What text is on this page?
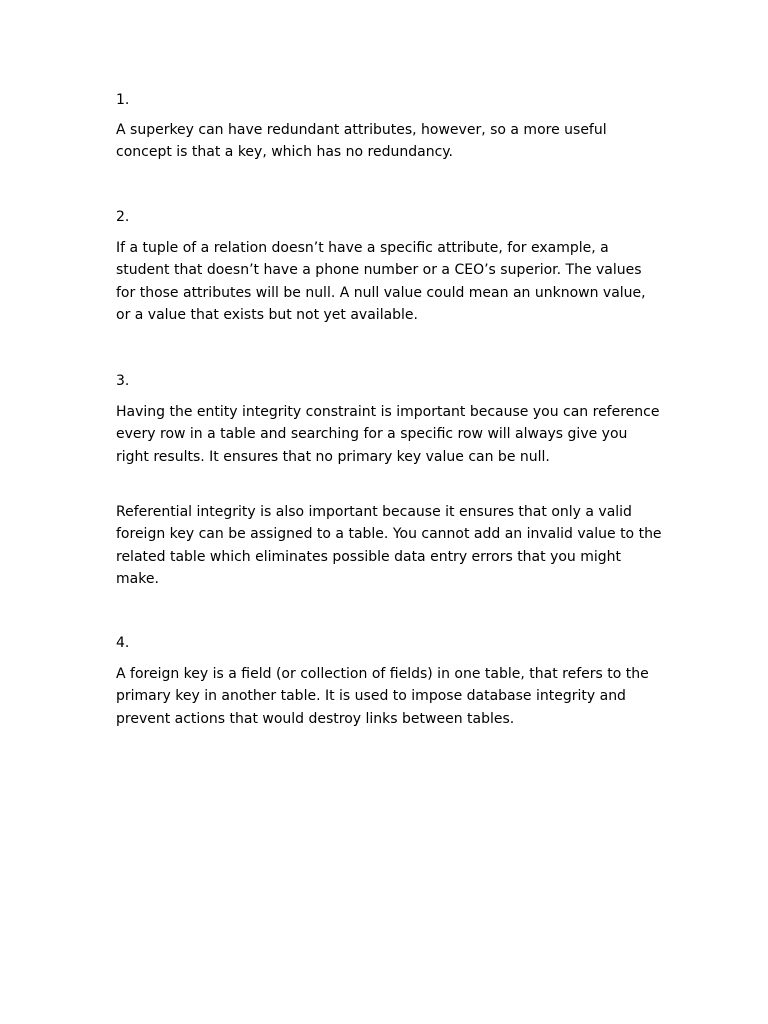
1.

A superkey can have redundant attributes, however, so a more useful concept is that a key, which has no redundancy.

2.

If a tuple of a relation doesn’t have a specific attribute, for example, a student that doesn’t have a phone number or a CEO’s superior. The values for those attributes will be null. A null value could mean an unknown value, or a value that exists but not yet available.

3.

Having the entity integrity constraint is important because you can reference every row in a table and searching for a specific row will always give you right results. It ensures that no primary key value can be null.

Referential integrity is also important because it ensures that only a valid foreign key can be assigned to a table. You cannot add an invalid value to the related table which eliminates possible data entry errors that you might make.

4.

A foreign key is a field (or collection of fields) in one table, that refers to the primary key in another table. It is used to impose database integrity and prevent actions that would destroy links between tables.
